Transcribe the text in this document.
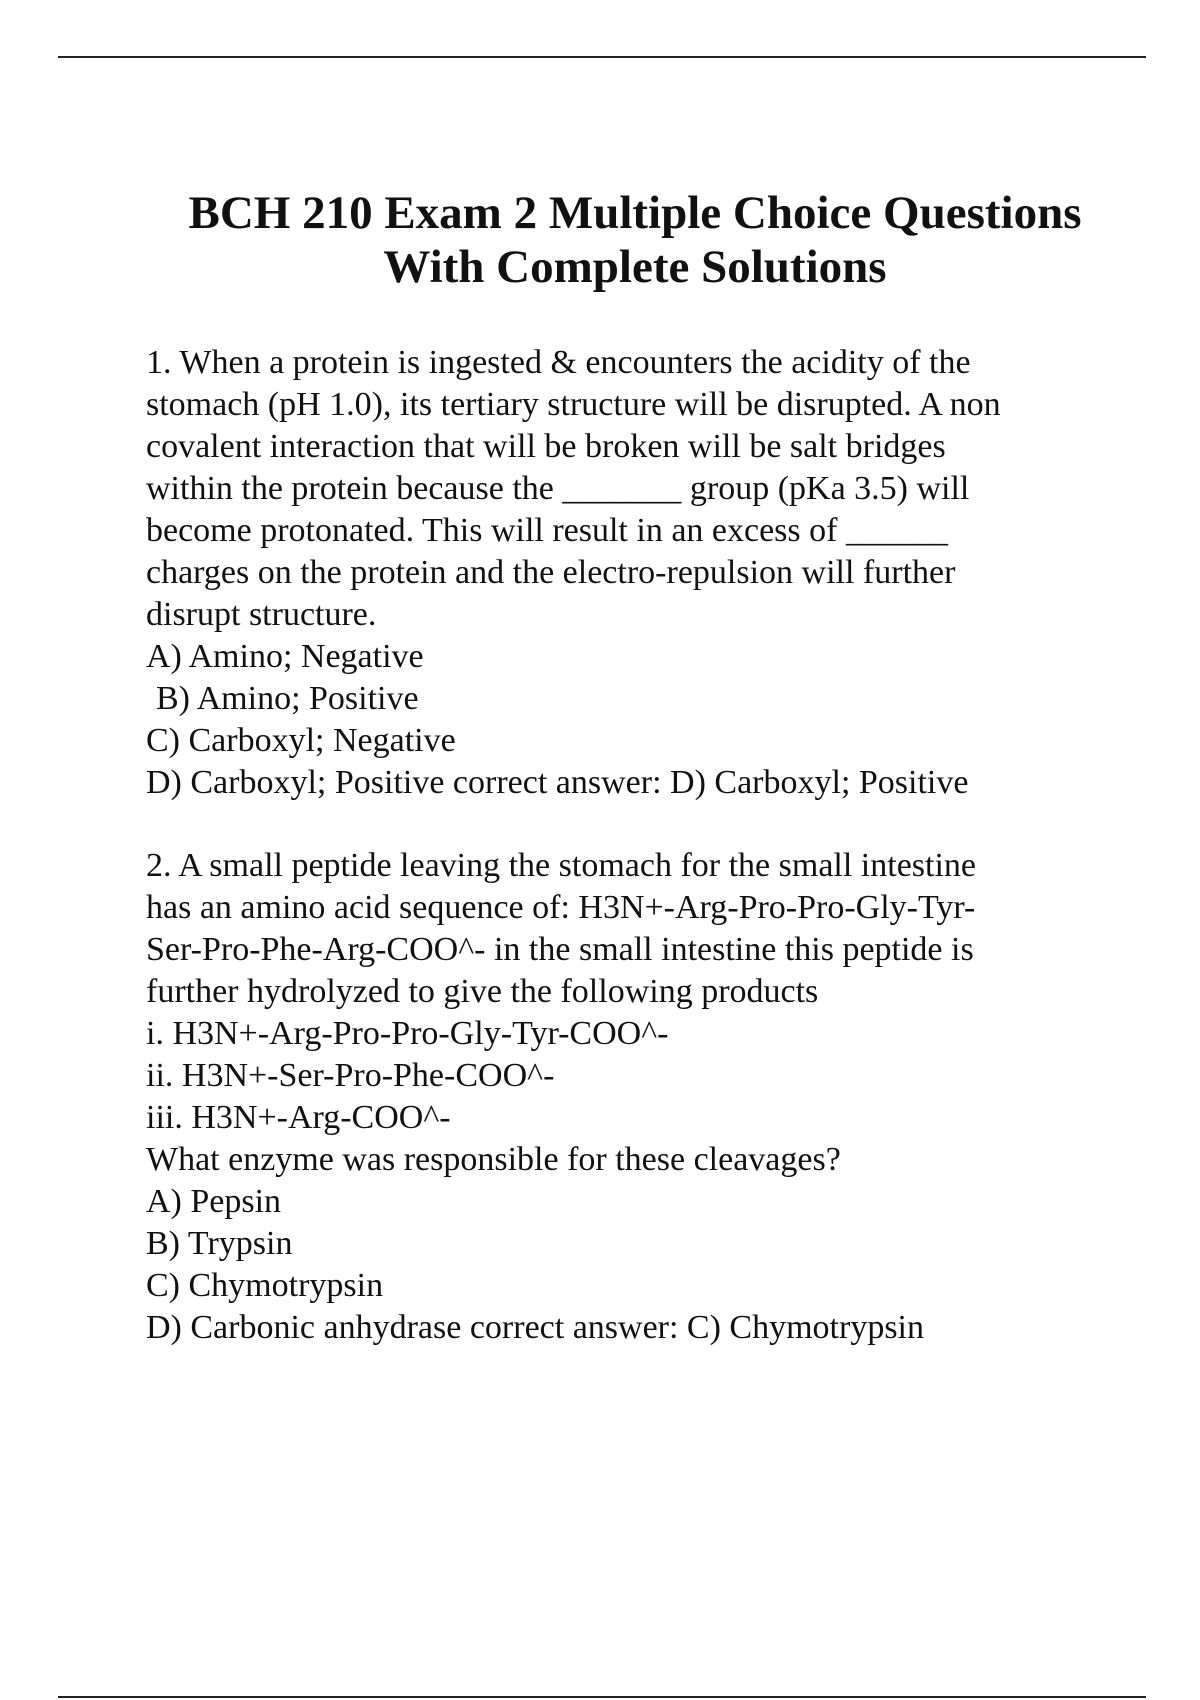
BCH 210 Exam 2 Multiple Choice Questions
With Complete Solutions
1. When a protein is ingested & encounters the acidity of the
stomach (pH 1.0), its tertiary structure will be disrupted. A non
covalent interaction that will be broken will be salt bridges
within the protein because the _______ group (pKa 3.5) will
become protonated. This will result in an excess of ______
charges on the protein and the electro-repulsion will further
disrupt structure.
A) Amino; Negative
B) Amino; Positive
C) Carboxyl; Negative
D) Carboxyl; Positive correct answer: D) Carboxyl; Positive
2. A small peptide leaving the stomach for the small intestine
has an amino acid sequence of: H3N+-Arg-Pro-Pro-Gly-Tyr-
Ser-Pro-Phe-Arg-COO^- in the small intestine this peptide is
further hydrolyzed to give the following products
i. H3N+-Arg-Pro-Pro-Gly-Tyr-COO^-
ii. H3N+-Ser-Pro-Phe-COO^-
iii. H3N+-Arg-COO^-
What enzyme was responsible for these cleavages?
A) Pepsin
B) Trypsin
C) Chymotrypsin
D) Carbonic anhydrase correct answer: C) Chymotrypsin
